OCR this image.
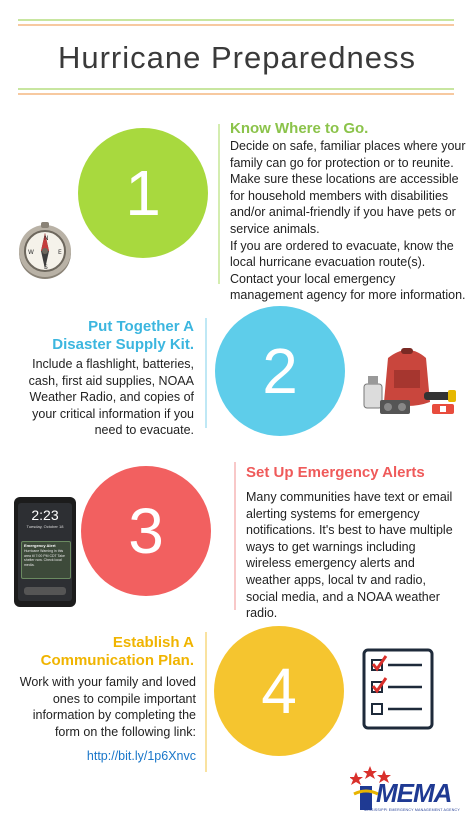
Hurricane Preparedness
1
N
E
S
W
Know Where to Go.
Decide on safe, familiar places where your family can go for protection or to reunite. Make sure these locations are accessible for household members with disabilities and/or animal-friendly if you have pets or service animals.
If you are ordered to evacuate, know the local hurricane evacuation route(s). Contact your local emergency management agency for more information.
Put Together A
Disaster Supply Kit.
Include a flashlight, batteries, cash, first aid supplies, NOAA Weather Radio, and copies of your critical information if you need to evacuate.
2
2:23
Tuesday, October 18
Emergency Alert
Hurricane Warning in this area til 7:00 PM CDT Take shelter now. Check local media.	3
Set Up Emergency Alerts
Many communities have text or email alerting systems for emergency notifications. It's best to have multiple ways to get warnings including wireless emergency alerts and weather apps, local tv and radio, social media, and a NOAA weather radio.
Establish A
Communication Plan.
Work with your family and loved ones to compile important information by completing the form on the following link:
http://bit.ly/1p6Xnvc
4
MEMA
MISSISSIPPI EMERGENCY MANAGEMENT AGENCY
